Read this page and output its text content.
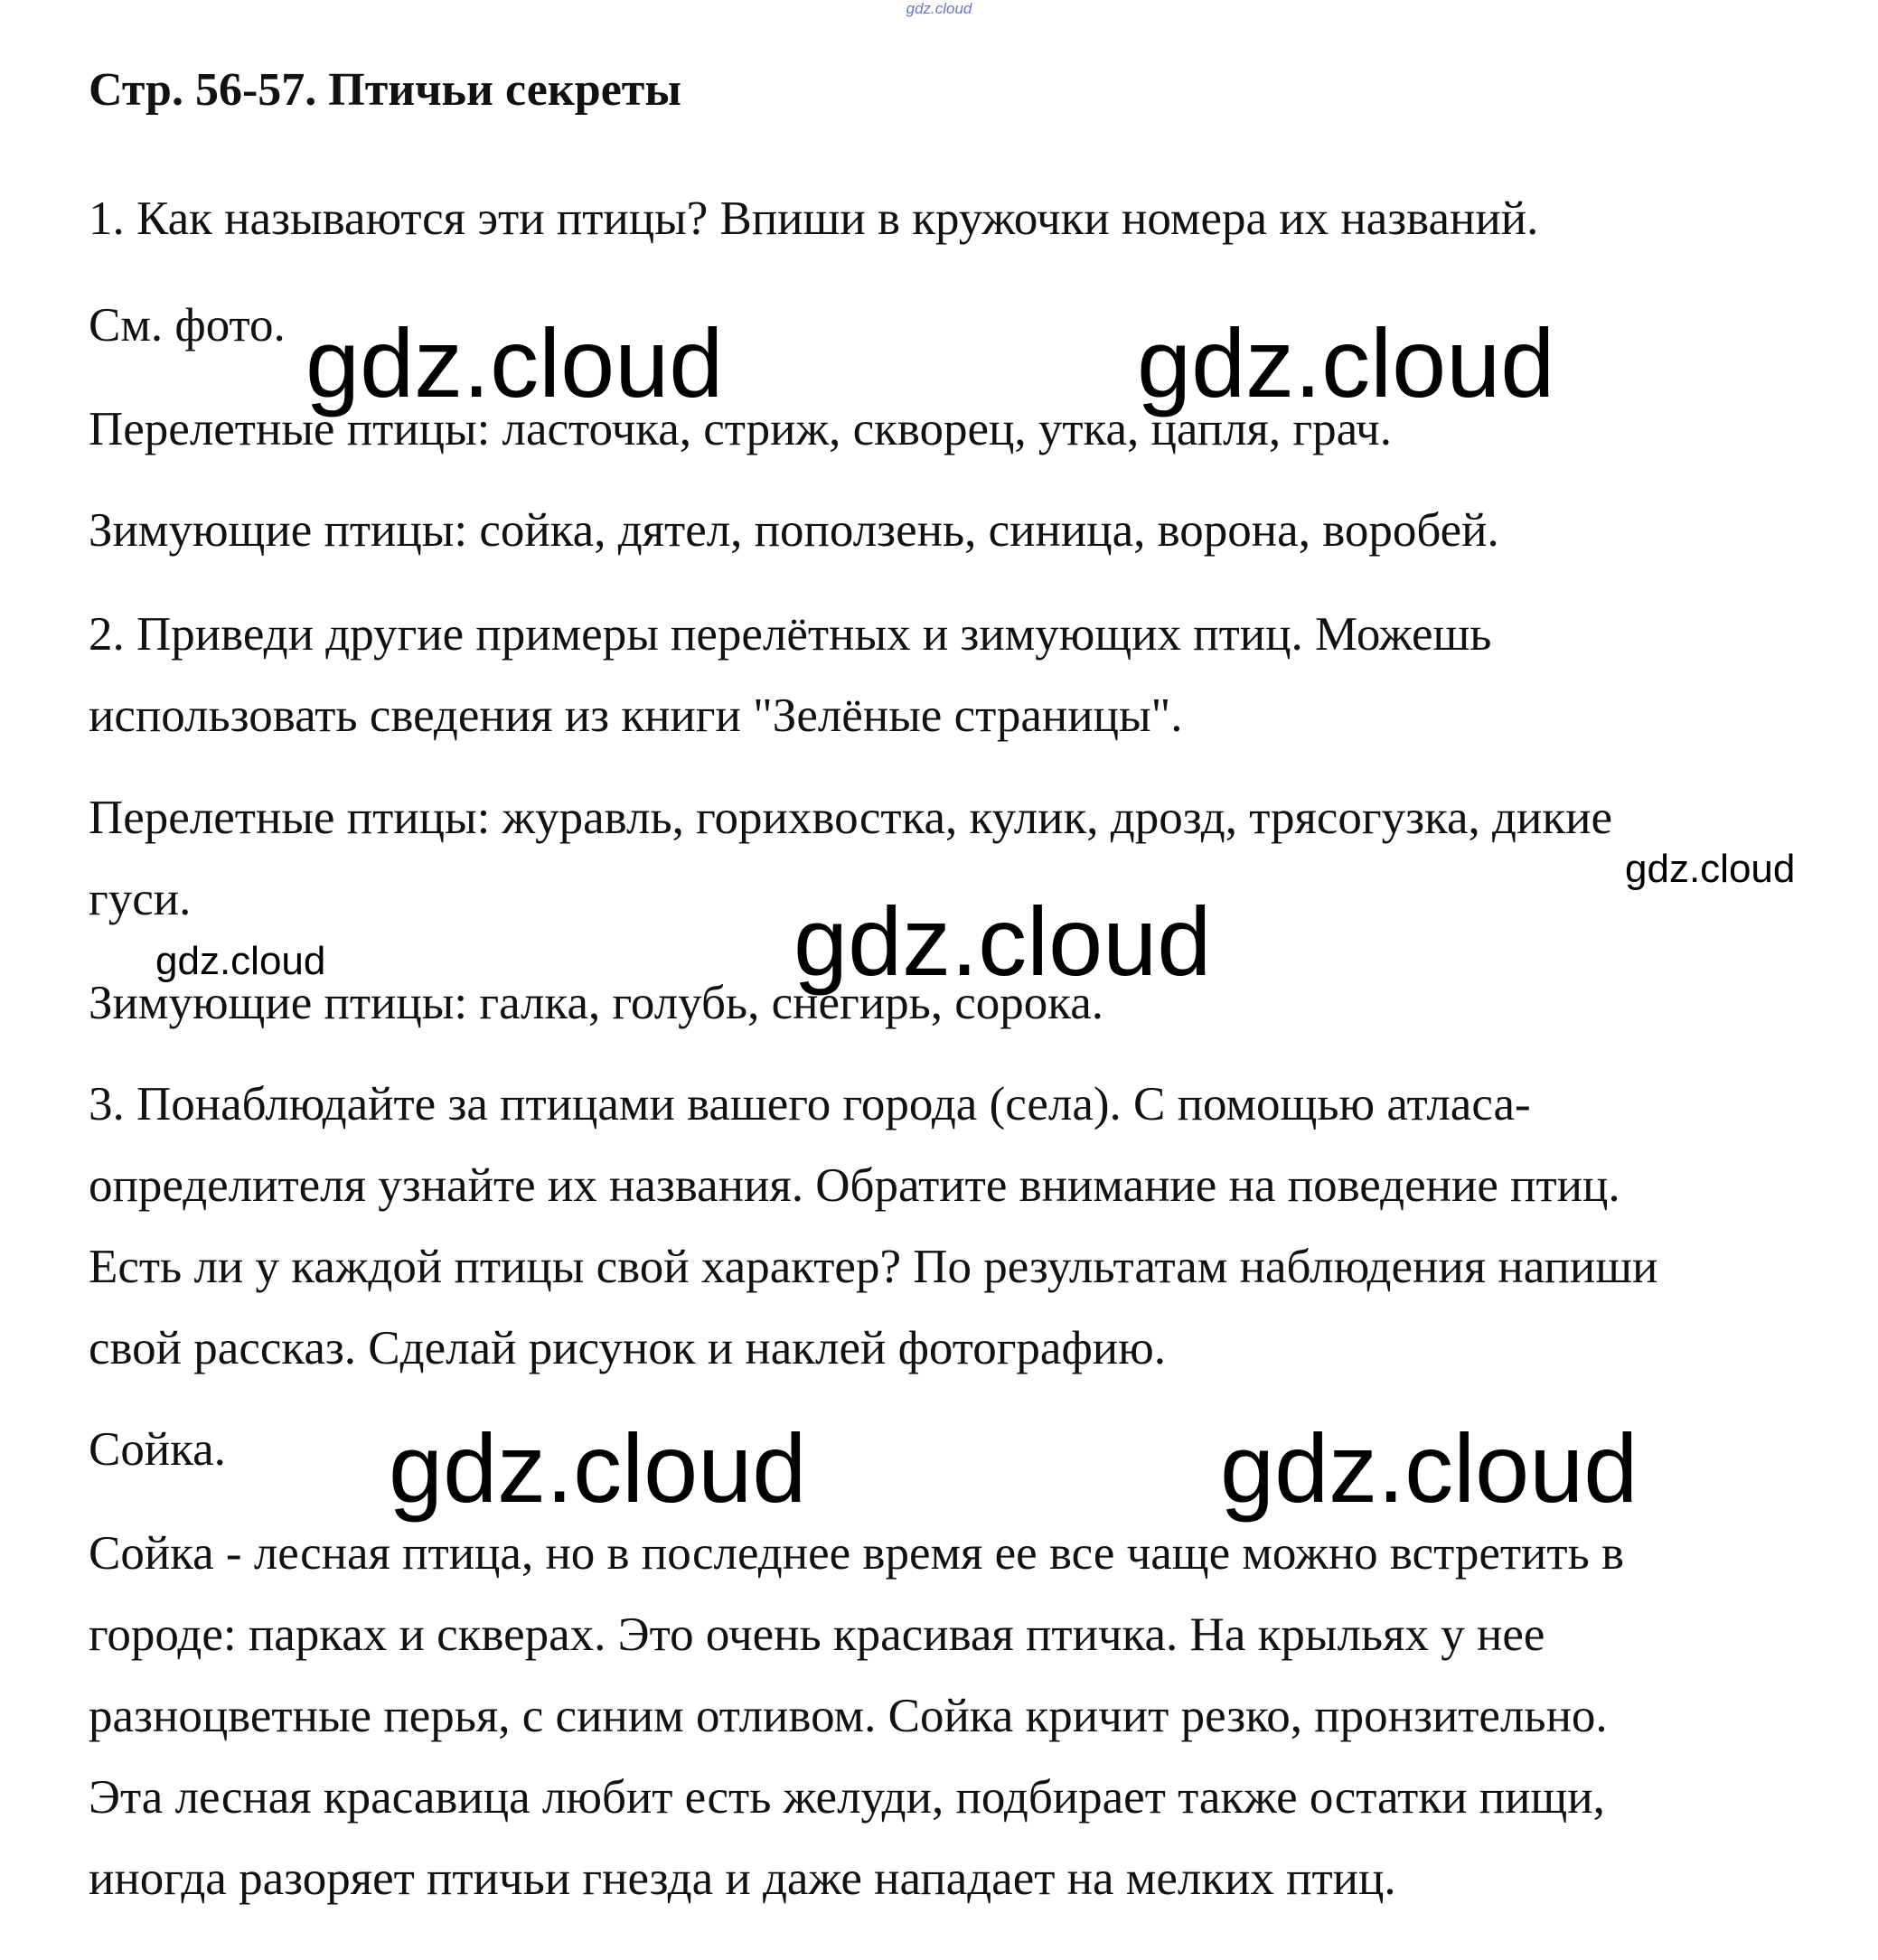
gdz.cloud
Стр. 56-57. Птичьи секреты
1. Как называются эти птицы? Впиши в кружочки номера их названий.
См. фото.
Перелетные птицы: ласточка, стриж, скворец, утка, цапля, грач.
Зимующие птицы: сойка, дятел, поползень, синица, ворона, воробей.
2. Приведи другие примеры перелётных и зимующих птиц. Можешь
использовать сведения из книги "Зелёные страницы".
Перелетные птицы: журавль, горихвостка, кулик, дрозд, трясогузка, дикие
гуси.
Зимующие птицы: галка, голубь, снегирь, сорока.
3. Понаблюдайте за птицами вашего города (села). С помощью атласа-
определителя узнайте их названия. Обратите внимание на поведение птиц.
Есть ли у каждой птицы свой характер? По результатам наблюдения напиши
свой рассказ. Сделай рисунок и наклей фотографию.
Сойка.
Сойка - лесная птица, но в последнее время ее все чаще можно встретить в
городе: парках и скверах. Это очень красивая птичка. На крыльях у нее
разноцветные перья, с синим отливом. Сойка кричит резко, пронзительно.
Эта лесная красавица любит есть желуди, подбирает также остатки пищи,
иногда разоряет птичьи гнезда и даже нападает на мелких птиц.
gdz.cloud	gdz.cloud
gdz.cloud
gdz.cloud
gdz.cloud
gdz.cloud	gdz.cloud
